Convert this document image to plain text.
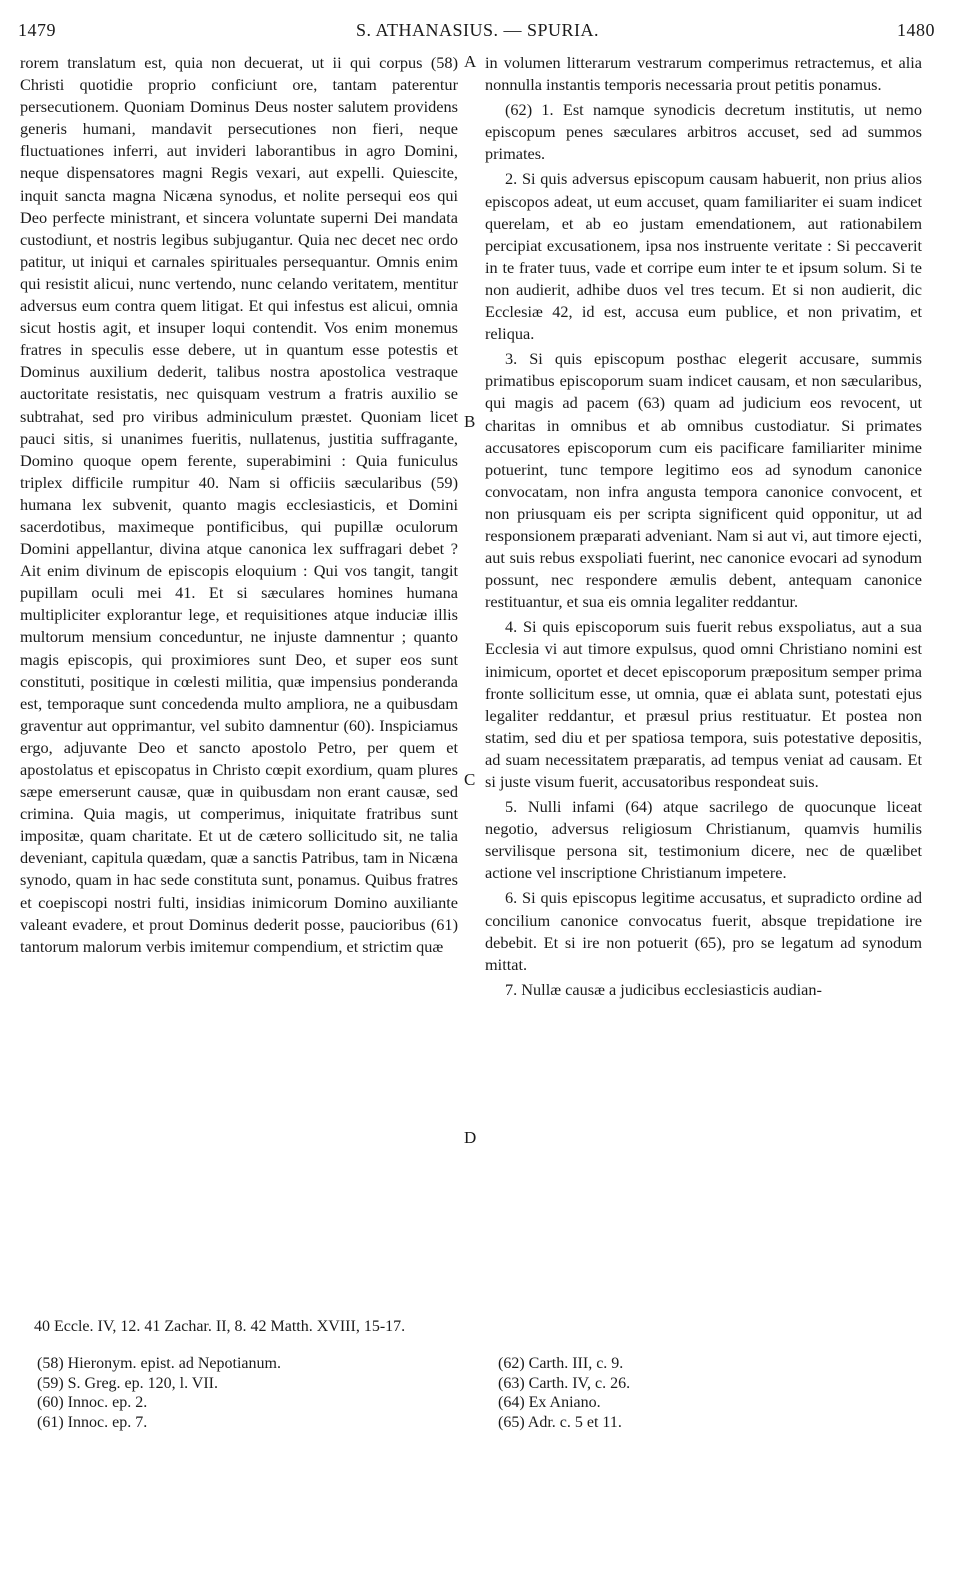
1479	S. ATHANASIUS. — SPURIA.	1480

rorem translatum est, quia non decuerat, ut ii qui corpus (58) Christi quotidie proprio conficiunt ore, tantam paterentur persecutionem. Quoniam Dominus Deus noster salutem providens generis humani, mandavit persecutiones non fieri, neque fluctuationes inferri, aut invideri laborantibus in agro Domini, neque dispensatores magni Regis vexari, aut expelli. Quiescite, inquit sancta magna Nicæna synodus, et nolite persequi eos qui Deo perfecte ministrant, et sincera voluntate superni Dei mandata custodiunt, et nostris legibus subjugantur. Quia nec decet nec ordo patitur, ut iniqui et carnales spirituales persequantur. Omnis enim qui resistit alicui, nunc vertendo, nunc celando veritatem, mentitur adversus eum contra quem litigat. Et qui infestus est alicui, omnia sicut hostis agit, et insuper loqui contendit. Vos enim monemus fratres in speculis esse debere, ut in quantum esse potestis et Dominus auxilium dederit, talibus nostra apostolica vestraque auctoritate resistatis, nec quisquam vestrum a fratris auxilio se subtrahat, sed pro viribus adminiculum præstet. Quoniam licet pauci sitis, si unanimes fueritis, nullatenus, justitia suffragante, Domino quoque opem ferente, superabimini : Quia funiculus triplex difficile rumpitur 40. Nam si officiis sæcularibus (59) humana lex subvenit, quanto magis ecclesiasticis, et Domini sacerdotibus, maximeque pontificibus, qui pupillæ oculorum Domini appellantur, divina atque canonica lex suffragari debet ? Ait enim divinum de episcopis eloquium : Qui vos tangit, tangit pupillam oculi mei 41. Et si sæculares homines humana multipliciter explorantur lege, et requisitiones atque induciæ illis multorum mensium conceduntur, ne injuste damnentur ; quanto magis episcopis, qui proximiores sunt Deo, et super eos sunt constituti, positique in cœlesti militia, quæ impensius ponderanda est, temporaque sunt concedenda multo ampliora, ne a quibusdam graventur aut opprimantur, vel subito damnentur (60). Inspiciamus ergo, adjuvante Deo et sancto apostolo Petro, per quem et apostolatus et episcopatus in Christo cœpit exordium, quam plures sæpe emerserunt causæ, quæ in quibusdam non erant causæ, sed crimina. Quia magis, ut comperimus, iniquitate fratribus sunt impositæ, quam charitate. Et ut de cætero sollicitudo sit, ne talia deveniant, capitula quædam, quæ a sanctis Patribus, tam in Nicæna synodo, quam in hac sede constituta sunt, ponamus. Quibus fratres et coepiscopi nostri fulti, insidias inimicorum Domino auxiliante valeant evadere, et prout Dominus dederit posse, paucioribus (61) tantorum malorum verbis imitemur compendium, et strictim quæ

in volumen litterarum vestrarum comperimus retractemus, et alia nonnulla instantis temporis necessaria prout petitis ponamus.

(62) 1. Est namque synodicis decretum institutis, ut nemo episcopum penes sæculares arbitros accuset, sed ad summos primates.

2. Si quis adversus episcopum causam habuerit, non prius alios episcopos adeat, ut eum accuset, quam familiariter ei suam indicet querelam, et ab eo justam emendationem, aut rationabilem percipiat excusationem, ipsa nos instruente veritate : Si peccaverit in te frater tuus, vade et corripe eum inter te et ipsum solum. Si te non audierit, adhibe duos vel tres tecum. Et si non audierit, dic Ecclesiæ 42, id est, accusa eum publice, et non privatim, et reliqua.

3. Si quis episcopum posthac elegerit accusare, summis primatibus episcoporum suam indicet causam, et non sæcularibus, qui magis ad pacem (63) quam ad judicium eos revocent, ut charitas in omnibus et ab omnibus custodiatur. Si primates accusatores episcoporum cum eis pacificare familiariter minime potuerint, tunc tempore legitimo eos ad synodum canonice convocatam, non infra angusta tempora canonice convocent, et non priusquam eis per scripta significent quid opponitur, ut ad responsionem præparati adveniant. Nam si aut vi, aut timore ejecti, aut suis rebus exspoliati fuerint, nec canonice evocari ad synodum possunt, nec respondere æmulis debent, antequam canonice restituantur, et sua eis omnia legaliter reddantur.

4. Si quis episcoporum suis fuerit rebus exspoliatus, aut a sua Ecclesia vi aut timore expulsus, quod omni Christiano nomini est inimicum, oportet et decet episcoporum præpositum semper prima fronte sollicitum esse, ut omnia, quæ ei ablata sunt, potestati ejus legaliter reddantur, et præsul prius restituatur. Et postea non statim, sed diu et per spatiosa tempora, suis potestative depositis, ad suam necessitatem præparatis, ad tempus veniat ad causam. Et si juste visum fuerit, accusatoribus respondeat suis.

5. Nulli infami (64) atque sacrilego de quocunque liceat negotio, adversus religiosum Christianum, quamvis humilis servilisque persona sit, testimonium dicere, nec de quælibet actione vel inscriptione Christianum impetere.

6. Si quis episcopus legitime accusatus, et supradicto ordine ad concilium canonice convocatus fuerit, absque trepidatione ire debebit. Et si ire non potuerit (65), pro se legatum ad synodum mittat.

7. Nullæ causæ a judicibus ecclesiasticis audian-

A
B
C
D
40 Eccle. IV, 12. 41 Zachar. II, 8. 42 Matth. XVIII, 15-17.
(58) Hieronym. epist. ad Nepotianum.
(59) S. Greg. ep. 120, l. VII.
(60) Innoc. ep. 2.
(61) Innoc. ep. 7.
(62) Carth. III, c. 9.
(63) Carth. IV, c. 26.
(64) Ex Aniano.
(65) Adr. c. 5 et 11.
